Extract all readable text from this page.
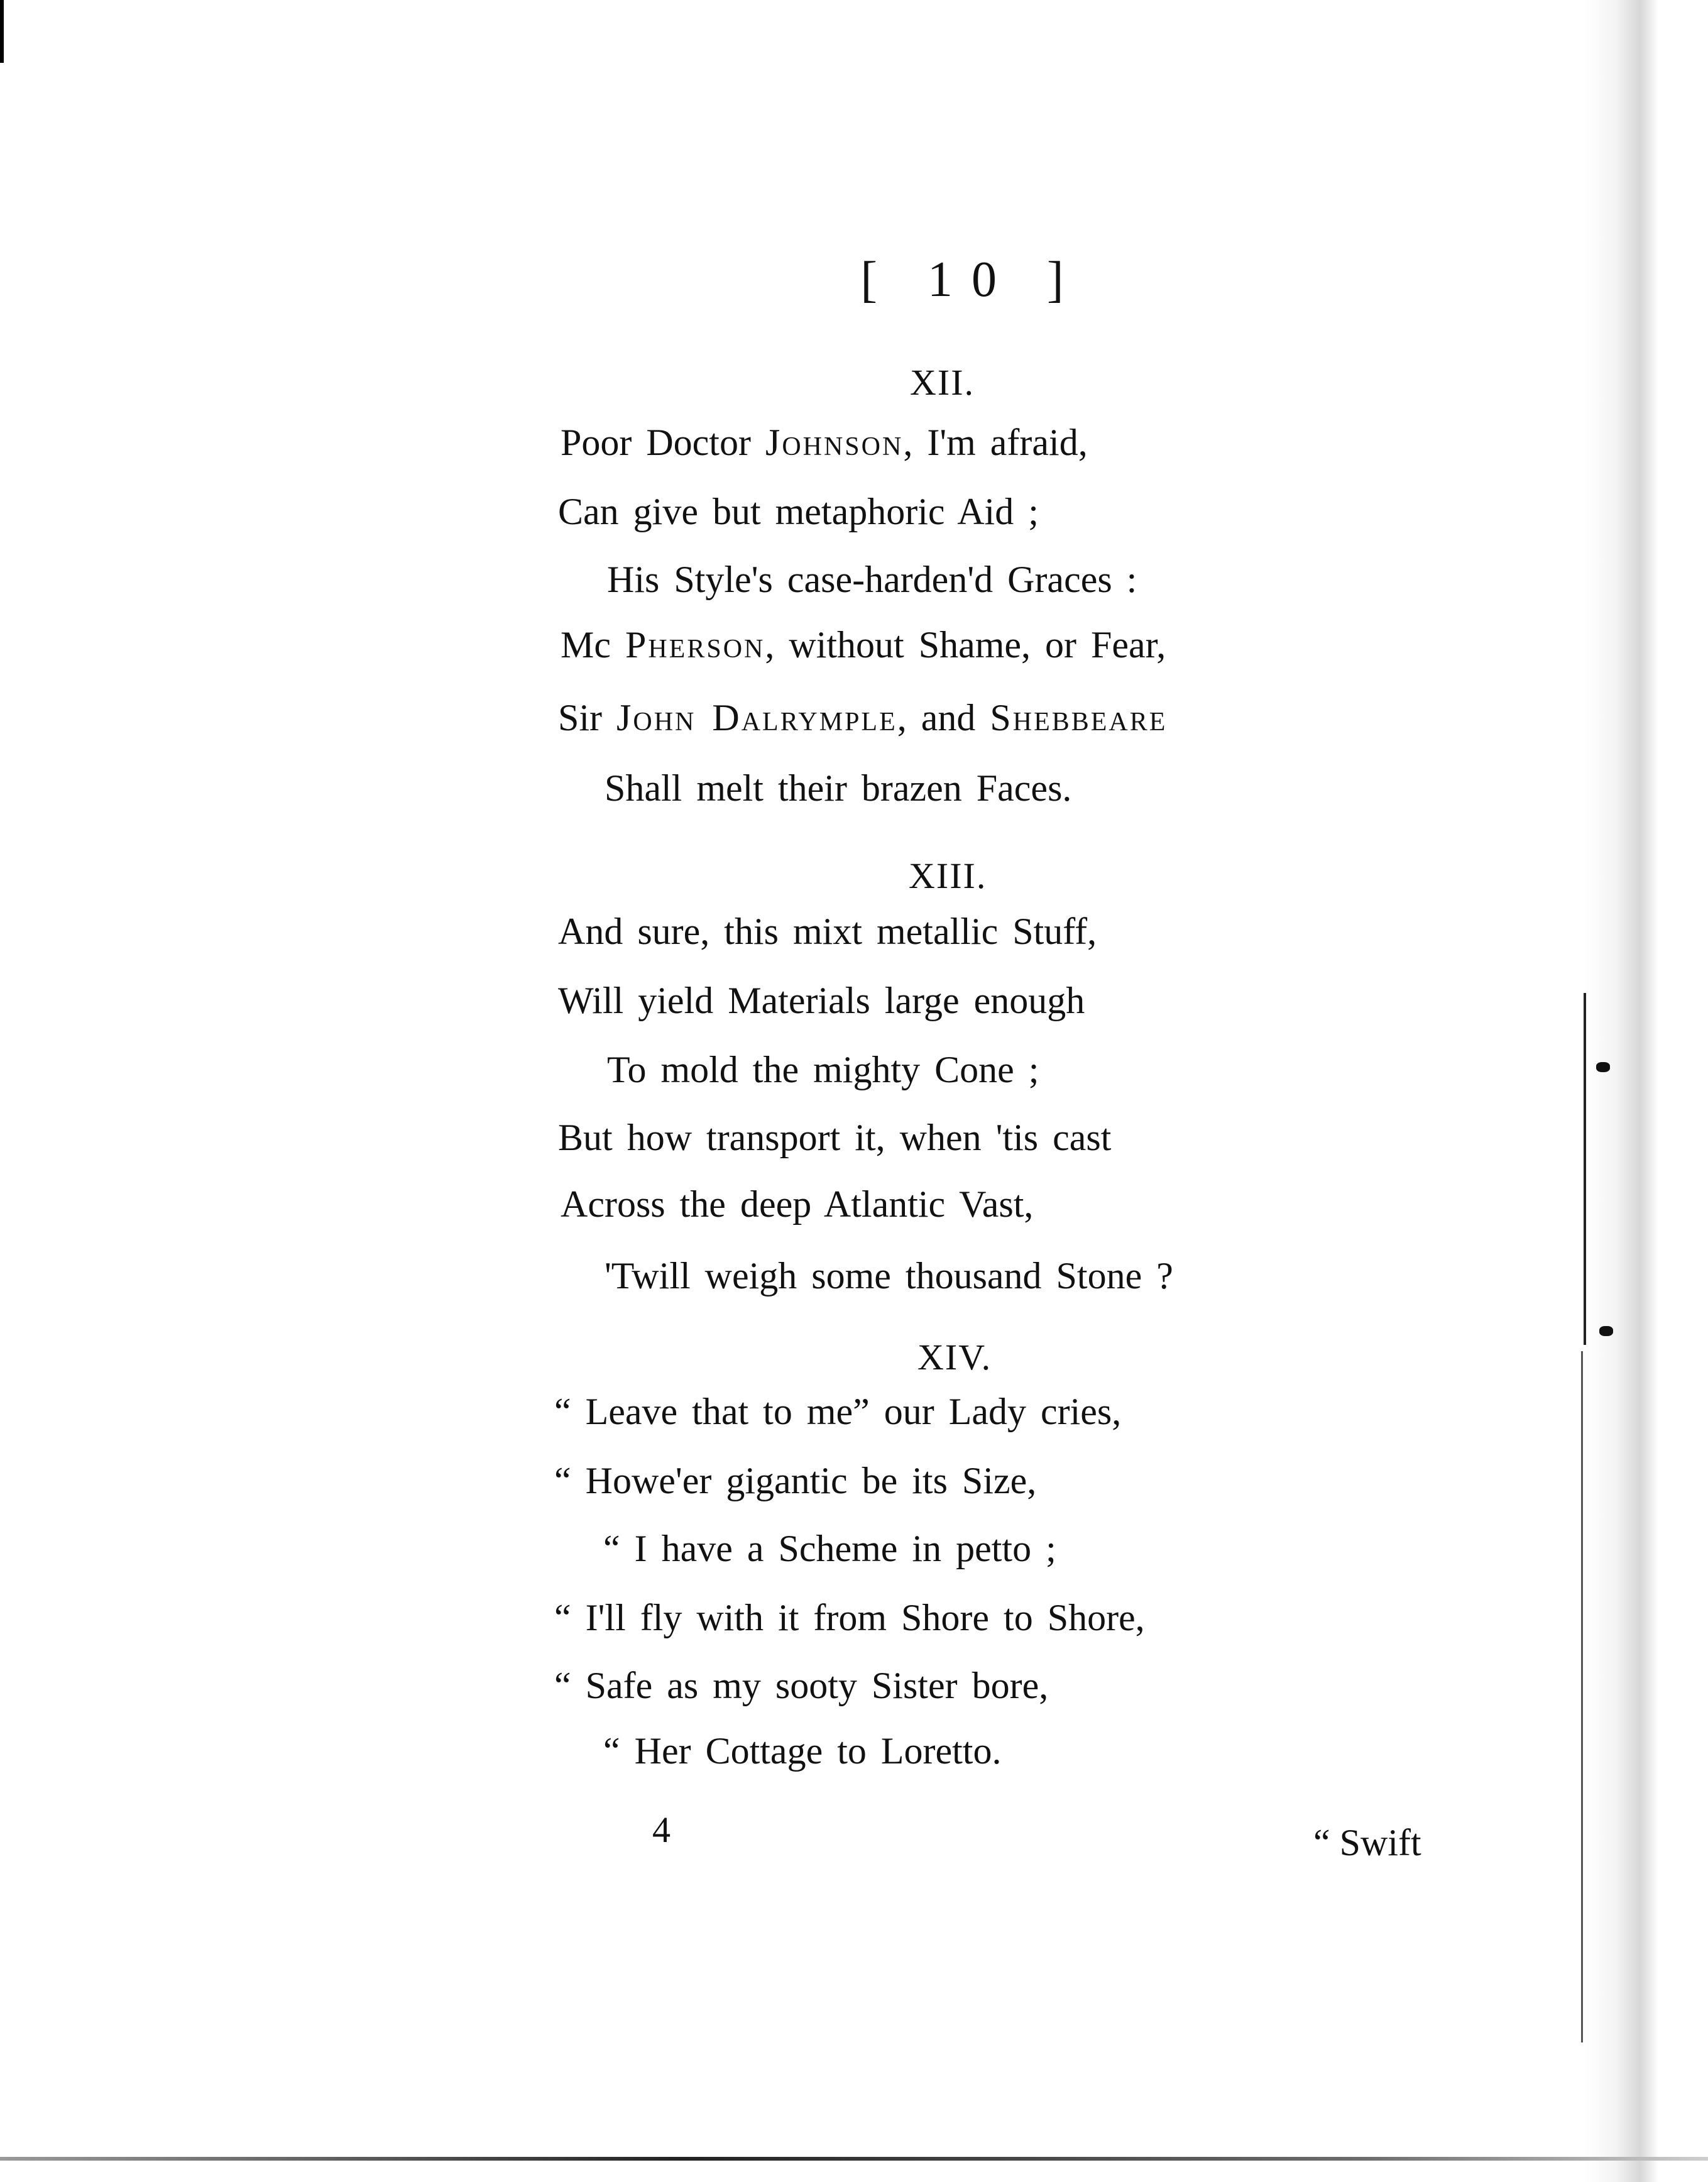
[ 10 ]
XII.
Poor Doctor Johnson, I'm afraid,
Can give but metaphoric Aid ;
His Style's case-harden'd Graces :
Mc Pherson, without Shame, or Fear,
Sir John Dalrymple, and Shebbeare
Shall melt their brazen Faces.
XIII.
And sure, this mixt metallic Stuff,
Will yield Materials large enough
To mold the mighty Cone ;
But how transport it, when 'tis cast
Across the deep Atlantic Vast,
'Twill weigh some thousand Stone ?
XIV.
“ Leave that to me” our Lady cries,
“ Howe'er gigantic be its Size,
“ I have a Scheme in petto ;
“ I'll fly with it from Shore to Shore,
“ Safe as my sooty Sister bore,
“ Her Cottage to Loretto.
4	“ Swift
